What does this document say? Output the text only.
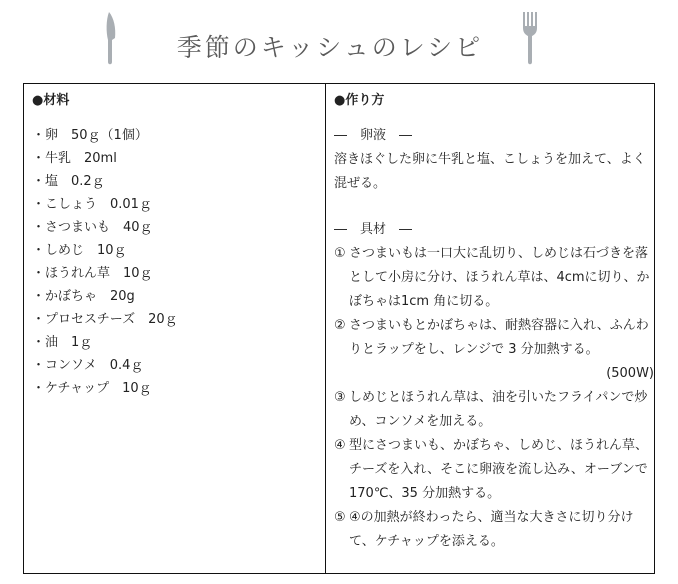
季節のキッシュのレシピ
●材料
・卵　50ｇ（1個）
・牛乳　20ml
・塩　0.2ｇ
・こしょう　0.01ｇ
・さつまいも　40ｇ
・しめじ　10ｇ
・ほうれん草　10ｇ
・かぼちゃ　20g
・プロセスチーズ　20ｇ
・油　1ｇ
・コンソメ　0.4ｇ
・ケチャップ　10ｇ
●作り方
―　卵液　―
溶きほぐした卵に牛乳と塩、こしょうを加えて、よく混ぜる。
―　具材　―
① さつまいもは一口大に乱切り、しめじは石づきを落として小房に分け、ほうれん草は、4cmに切り、かぼちゃは1cm 角に切る。
② さつまいもとかぼちゃは、耐熱容器に入れ、ふんわりとラップをし、レンジで 3 分加熱する。
(500W)
③ しめじとほうれん草は、油を引いたフライパンで炒め、コンソメを加える。
④ 型にさつまいも、かぼちゃ、しめじ、ほうれん草、チーズを入れ、そこに卵液を流し込み、オーブンで 170℃、35 分加熱する。
⑤ ④の加熱が終わったら、適当な大きさに切り分けて、ケチャップを添える。
